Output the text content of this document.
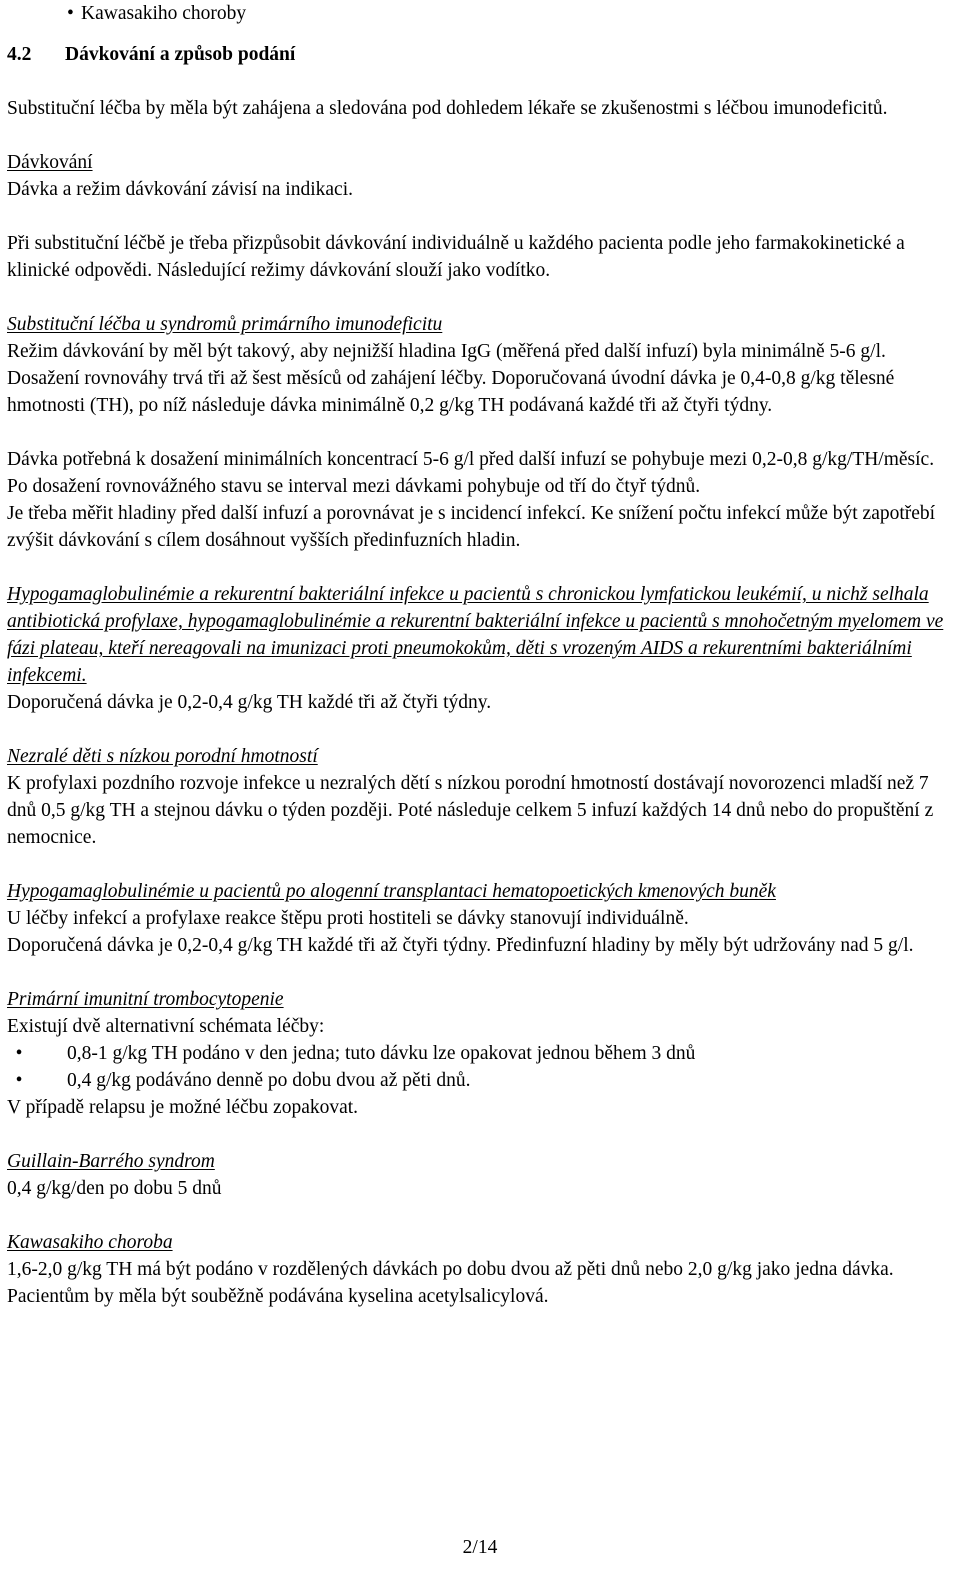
• Kawasakiho choroby

4.2	Dávkování a způsob podání

Substituční léčba by měla být zahájena a sledována pod dohledem lékaře se zkušenostmi s léčbou imunodeficitů.

Dávkování

Dávka a režim dávkování závisí na indikaci.

Při substituční léčbě je třeba přizpůsobit dávkování individuálně u každého pacienta podle jeho farmakokinetické a klinické odpovědi. Následující režimy dávkování slouží jako vodítko.

Substituční léčba u syndromů primárního imunodeficitu

Režim dávkování by měl být takový, aby nejnižší hladina IgG (měřená před další infuzí) byla minimálně 5-6 g/l. Dosažení rovnováhy trvá tři až šest měsíců od zahájení léčby. Doporučovaná úvodní dávka je 0,4-0,8 g/kg tělesné hmotnosti (TH), po níž následuje dávka minimálně 0,2 g/kg TH podávaná každé tři až čtyři týdny.

Dávka potřebná k dosažení minimálních koncentrací 5-6 g/l před další infuzí se pohybuje mezi 0,2-0,8 g/kg/TH/měsíc. Po dosažení rovnovážného stavu se interval mezi dávkami pohybuje od tří do čtyř týdnů.

Je třeba měřit hladiny před další infuzí a porovnávat je s incidencí infekcí. Ke snížení počtu infekcí může být zapotřebí zvýšit dávkování s cílem dosáhnout vyšších předinfuzních hladin.

Hypogamaglobulinémie a rekurentní bakteriální infekce u pacientů s chronickou lymfatickou leukémií, u nichž selhala antibiotická profylaxe, hypogamaglobulinémie a rekurentní bakteriální infekce u pacientů s mnohočetným myelomem ve fázi plateau, kteří nereagovali na imunizaci proti pneumokokům, děti s vrozeným AIDS a rekurentními bakteriálními infekcemi.

Doporučená dávka je 0,2-0,4 g/kg TH každé tři až čtyři týdny.

Nezralé děti s nízkou porodní hmotností

K profylaxi pozdního rozvoje infekce u nezralých dětí s nízkou porodní hmotností dostávají novorozenci mladší než 7 dnů 0,5 g/kg TH a stejnou dávku o týden později. Poté následuje celkem 5 infuzí každých 14 dnů nebo do propuštění z nemocnice.

Hypogamaglobulinémie u pacientů po alogenní transplantaci hematopoetických kmenových buněk

U léčby infekcí a profylaxe reakce štěpu proti hostiteli se dávky stanovují individuálně.

Doporučená dávka je 0,2-0,4 g/kg TH každé tři až čtyři týdny. Předinfuzní hladiny by měly být udržovány nad 5 g/l.

Primární imunitní trombocytopenie

Existují dvě alternativní schémata léčby:

•	0,8-1 g/kg TH podáno v den jedna; tuto dávku lze opakovat jednou během 3 dnů

•	0,4 g/kg podáváno denně po dobu dvou až pěti dnů.

V případě relapsu je možné léčbu zopakovat.

Guillain-Barrého syndrom

0,4 g/kg/den po dobu 5 dnů

Kawasakiho choroba

1,6-2,0 g/kg TH má být podáno v rozdělených dávkách po dobu dvou až pěti dnů nebo 2,0 g/kg jako jedna dávka. Pacientům by měla být souběžně podávána kyselina acetylsalicylová.

2/14
